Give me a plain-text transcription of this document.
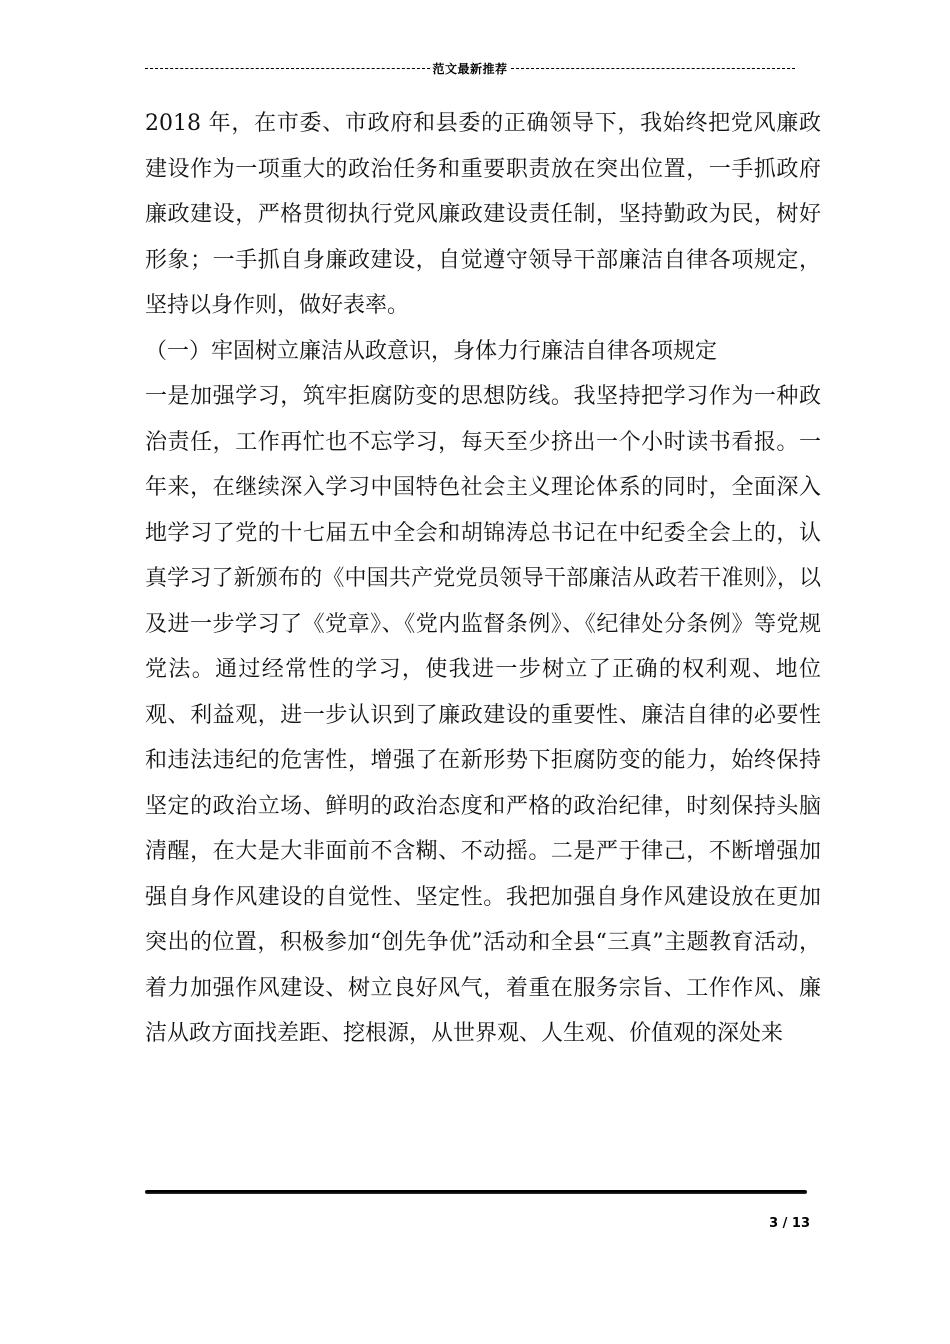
范文最新推荐

2018 年，在市委、市政府和县委的正确领导下，我始终把党风廉政建设作为一项重大的政治任务和重要职责放在突出位置，一手抓政府廉政建设，严格贯彻执行党风廉政建设责任制，坚持勤政为民，树好形象；一手抓自身廉政建设，自觉遵守领导干部廉洁自律各项规定，坚持以身作则，做好表率。

（一）牢固树立廉洁从政意识，身体力行廉洁自律各项规定

一是加强学习，筑牢拒腐防变的思想防线。我坚持把学习作为一种政治责任，工作再忙也不忘学习，每天至少挤出一个小时读书看报。一年来，在继续深入学习中国特色社会主义理论体系的同时，全面深入地学习了党的十七届五中全会和胡锦涛总书记在中纪委全会上的，认真学习了新颁布的《中国共产党党员领导干部廉洁从政若干准则》，以及进一步学习了《党章》、《党内监督条例》、《纪律处分条例》等党规党法。通过经常性的学习，使我进一步树立了正确的权利观、地位观、利益观，进一步认识到了廉政建设的重要性、廉洁自律的必要性和违法违纪的危害性，增强了在新形势下拒腐防变的能力，始终保持坚定的政治立场、鲜明的政治态度和严格的政治纪律，时刻保持头脑清醒，在大是大非面前不含糊、不动摇。二是严于律己，不断增强加强自身作风建设的自觉性、坚定性。我把加强自身作风建设放在更加突出的位置，积极参加“创先争优”活动和全县“三真”主题教育活动，着力加强作风建设、树立良好风气，着重在服务宗旨、工作作风、廉洁从政方面找差距、挖根源，从世界观、人生观、价值观的深处来

3 / 13
